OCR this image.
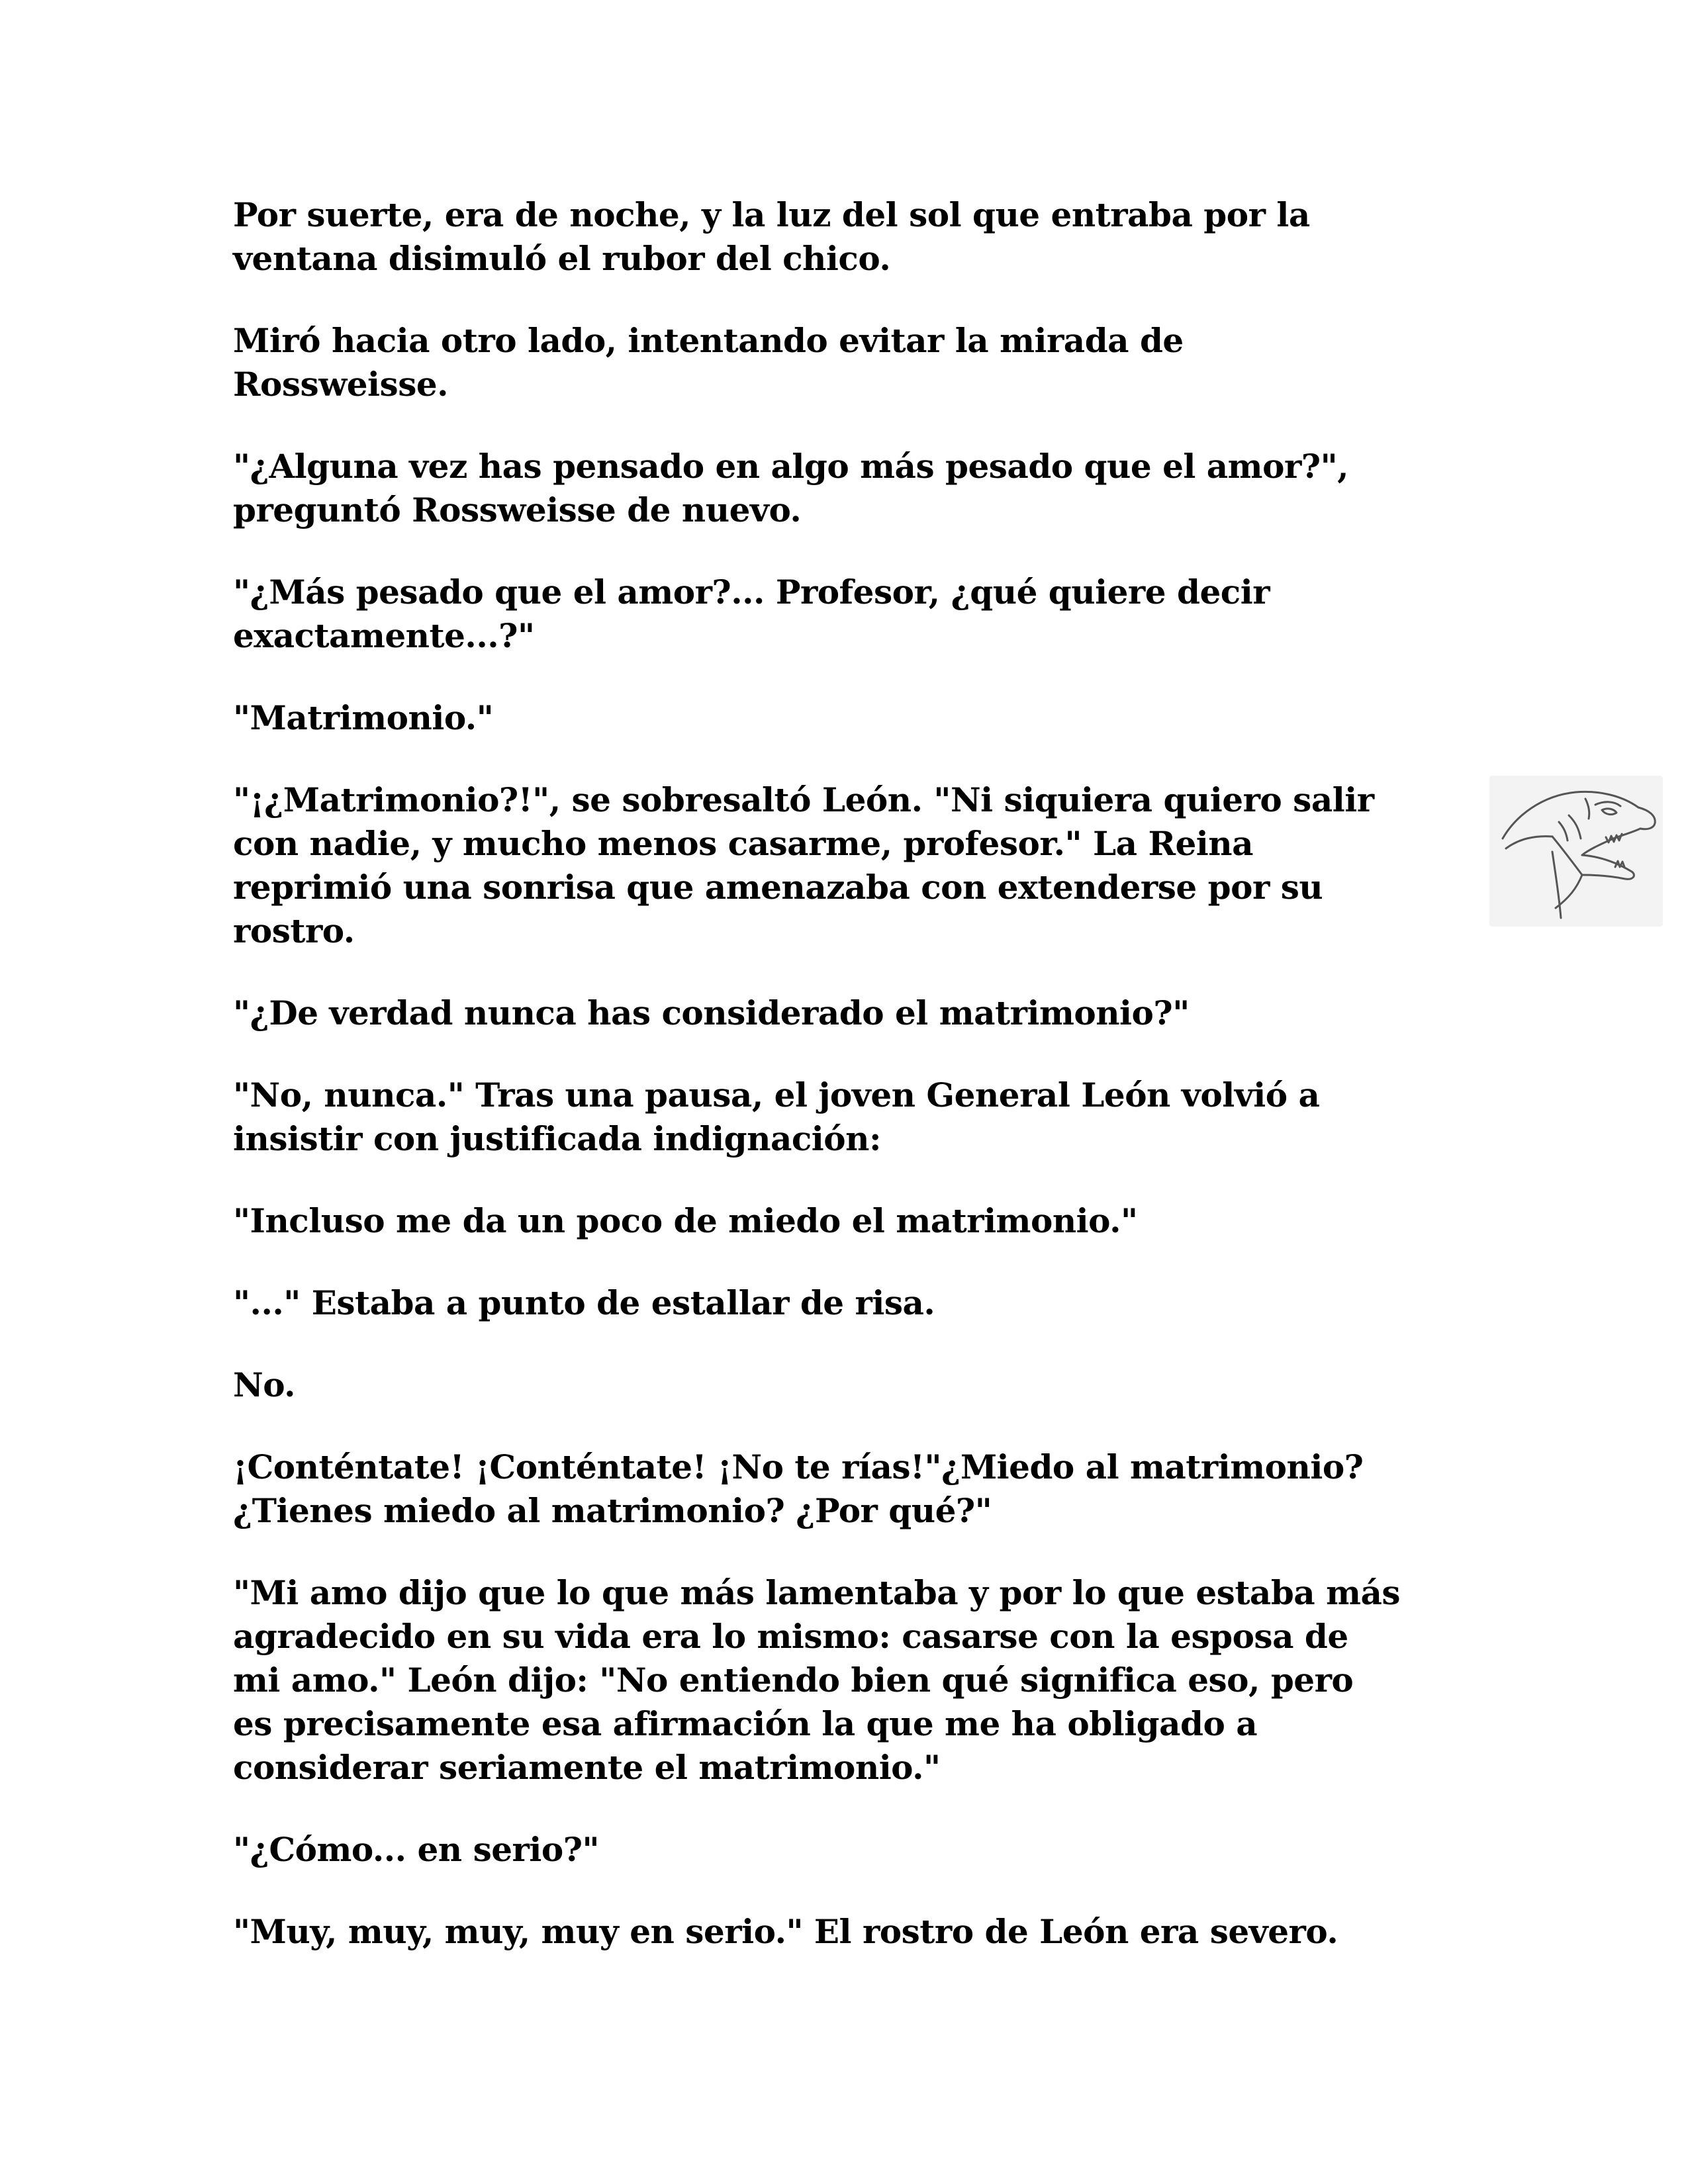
Por suerte, era de noche, y la luz del sol que entraba por la
ventana disimuló el rubor del chico.

Miró hacia otro lado, intentando evitar la mirada de
Rossweisse.

"¿Alguna vez has pensado en algo más pesado que el amor?",
preguntó Rossweisse de nuevo.

"¿Más pesado que el amor?... Profesor, ¿qué quiere decir
exactamente...?"

"Matrimonio."

"¡¿Matrimonio?!", se sobresaltó León. "Ni siquiera quiero salir
con nadie, y mucho menos casarme, profesor." La Reina
reprimió una sonrisa que amenazaba con extenderse por su
rostro.

"¿De verdad nunca has considerado el matrimonio?"

"No, nunca." Tras una pausa, el joven General León volvió a
insistir con justificada indignación:

"Incluso me da un poco de miedo el matrimonio."

"..." Estaba a punto de estallar de risa.

No.

¡Conténtate! ¡Conténtate! ¡No te rías!"¿Miedo al matrimonio?
¿Tienes miedo al matrimonio? ¿Por qué?"

"Mi amo dijo que lo que más lamentaba y por lo que estaba más
agradecido en su vida era lo mismo: casarse con la esposa de
mi amo." León dijo: "No entiendo bien qué significa eso, pero
es precisamente esa afirmación la que me ha obligado a
considerar seriamente el matrimonio."

"¿Cómo... en serio?"

"Muy, muy, muy, muy en serio." El rostro de León era severo.
